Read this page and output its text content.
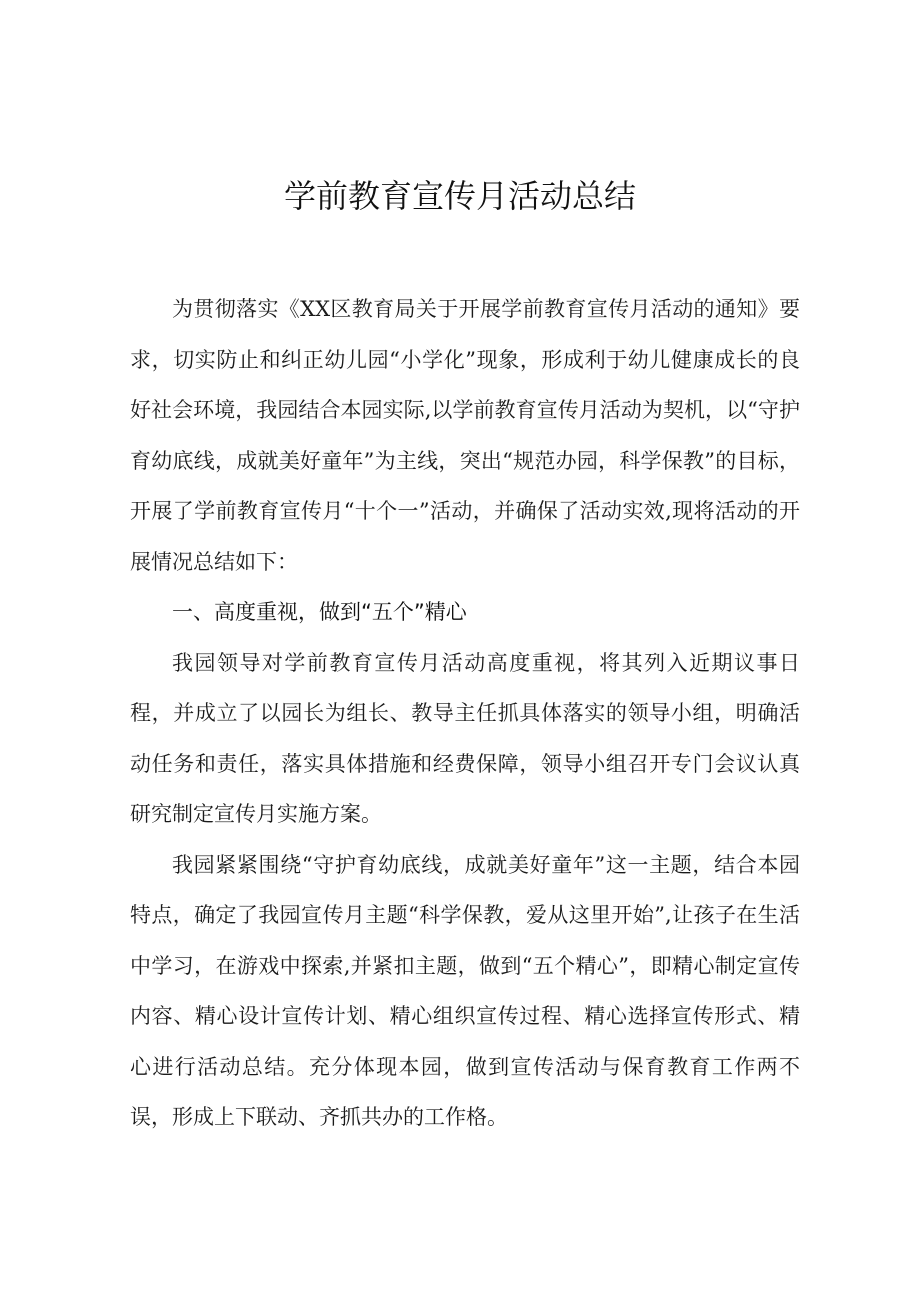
学前教育宣传月活动总结

为贯彻落实《XX区教育局关于开展学前教育宣传月活动的通知》要求，切实防止和纠正幼儿园“小学化”现象，形成利于幼儿健康成长的良好社会环境，我园结合本园实际,以学前教育宣传月活动为契机，以“守护育幼底线，成就美好童年”为主线，突出“规范办园，科学保教”的目标，开展了学前教育宣传月“十个一”活动，并确保了活动实效,现将活动的开展情况总结如下：

一、高度重视，做到“五个”精心

我园领导对学前教育宣传月活动高度重视，将其列入近期议事日程，并成立了以园长为组长、教导主任抓具体落实的领导小组，明确活动任务和责任，落实具体措施和经费保障，领导小组召开专门会议认真研究制定宣传月实施方案。

我园紧紧围绕“守护育幼底线，成就美好童年”这一主题，结合本园特点，确定了我园宣传月主题“科学保教，爱从这里开始”,让孩子在生活中学习，在游戏中探索,并紧扣主题，做到“五个精心”，即精心制定宣传内容、精心设计宣传计划、精心组织宣传过程、精心选择宣传形式、精心进行活动总结。充分体现本园，做到宣传活动与保育教育工作两不误，形成上下联动、齐抓共办的工作格。
